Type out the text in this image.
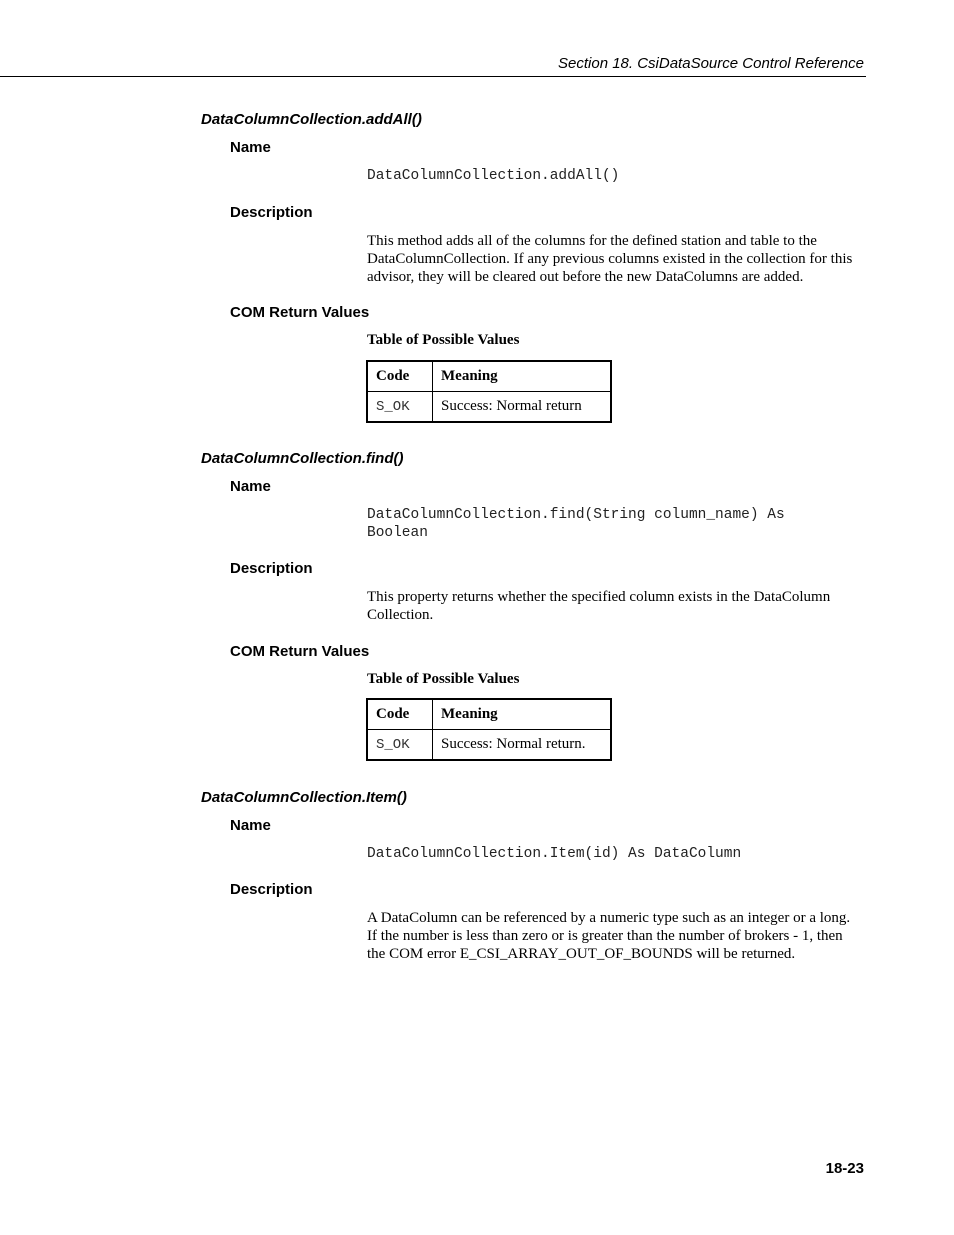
Section 18. CsiDataSource Control Reference
DataColumnCollection.addAll()
Name
DataColumnCollection.addAll()
Description

This method adds all of the columns for the defined station and table to the DataColumnCollection. If any previous columns existed in the collection for this advisor, they will be cleared out before the new DataColumns are added.

COM Return Values
Table of Possible Values
Code	Meaning
S_OK	Success: Normal return
DataColumnCollection.find()
Name
DataColumnCollection.find(String column_name) As
Boolean
Description

This property returns whether the specified column exists in the DataColumn Collection.

COM Return Values
Table of Possible Values
Code	Meaning
S_OK	Success: Normal return.
DataColumnCollection.Item()
Name
DataColumnCollection.Item(id) As DataColumn
Description

A DataColumn can be referenced by a numeric type such as an integer or a long. If the number is less than zero or is greater than the number of brokers - 1, then the COM error E_CSI_ARRAY_OUT_OF_BOUNDS will be returned.

18-23
